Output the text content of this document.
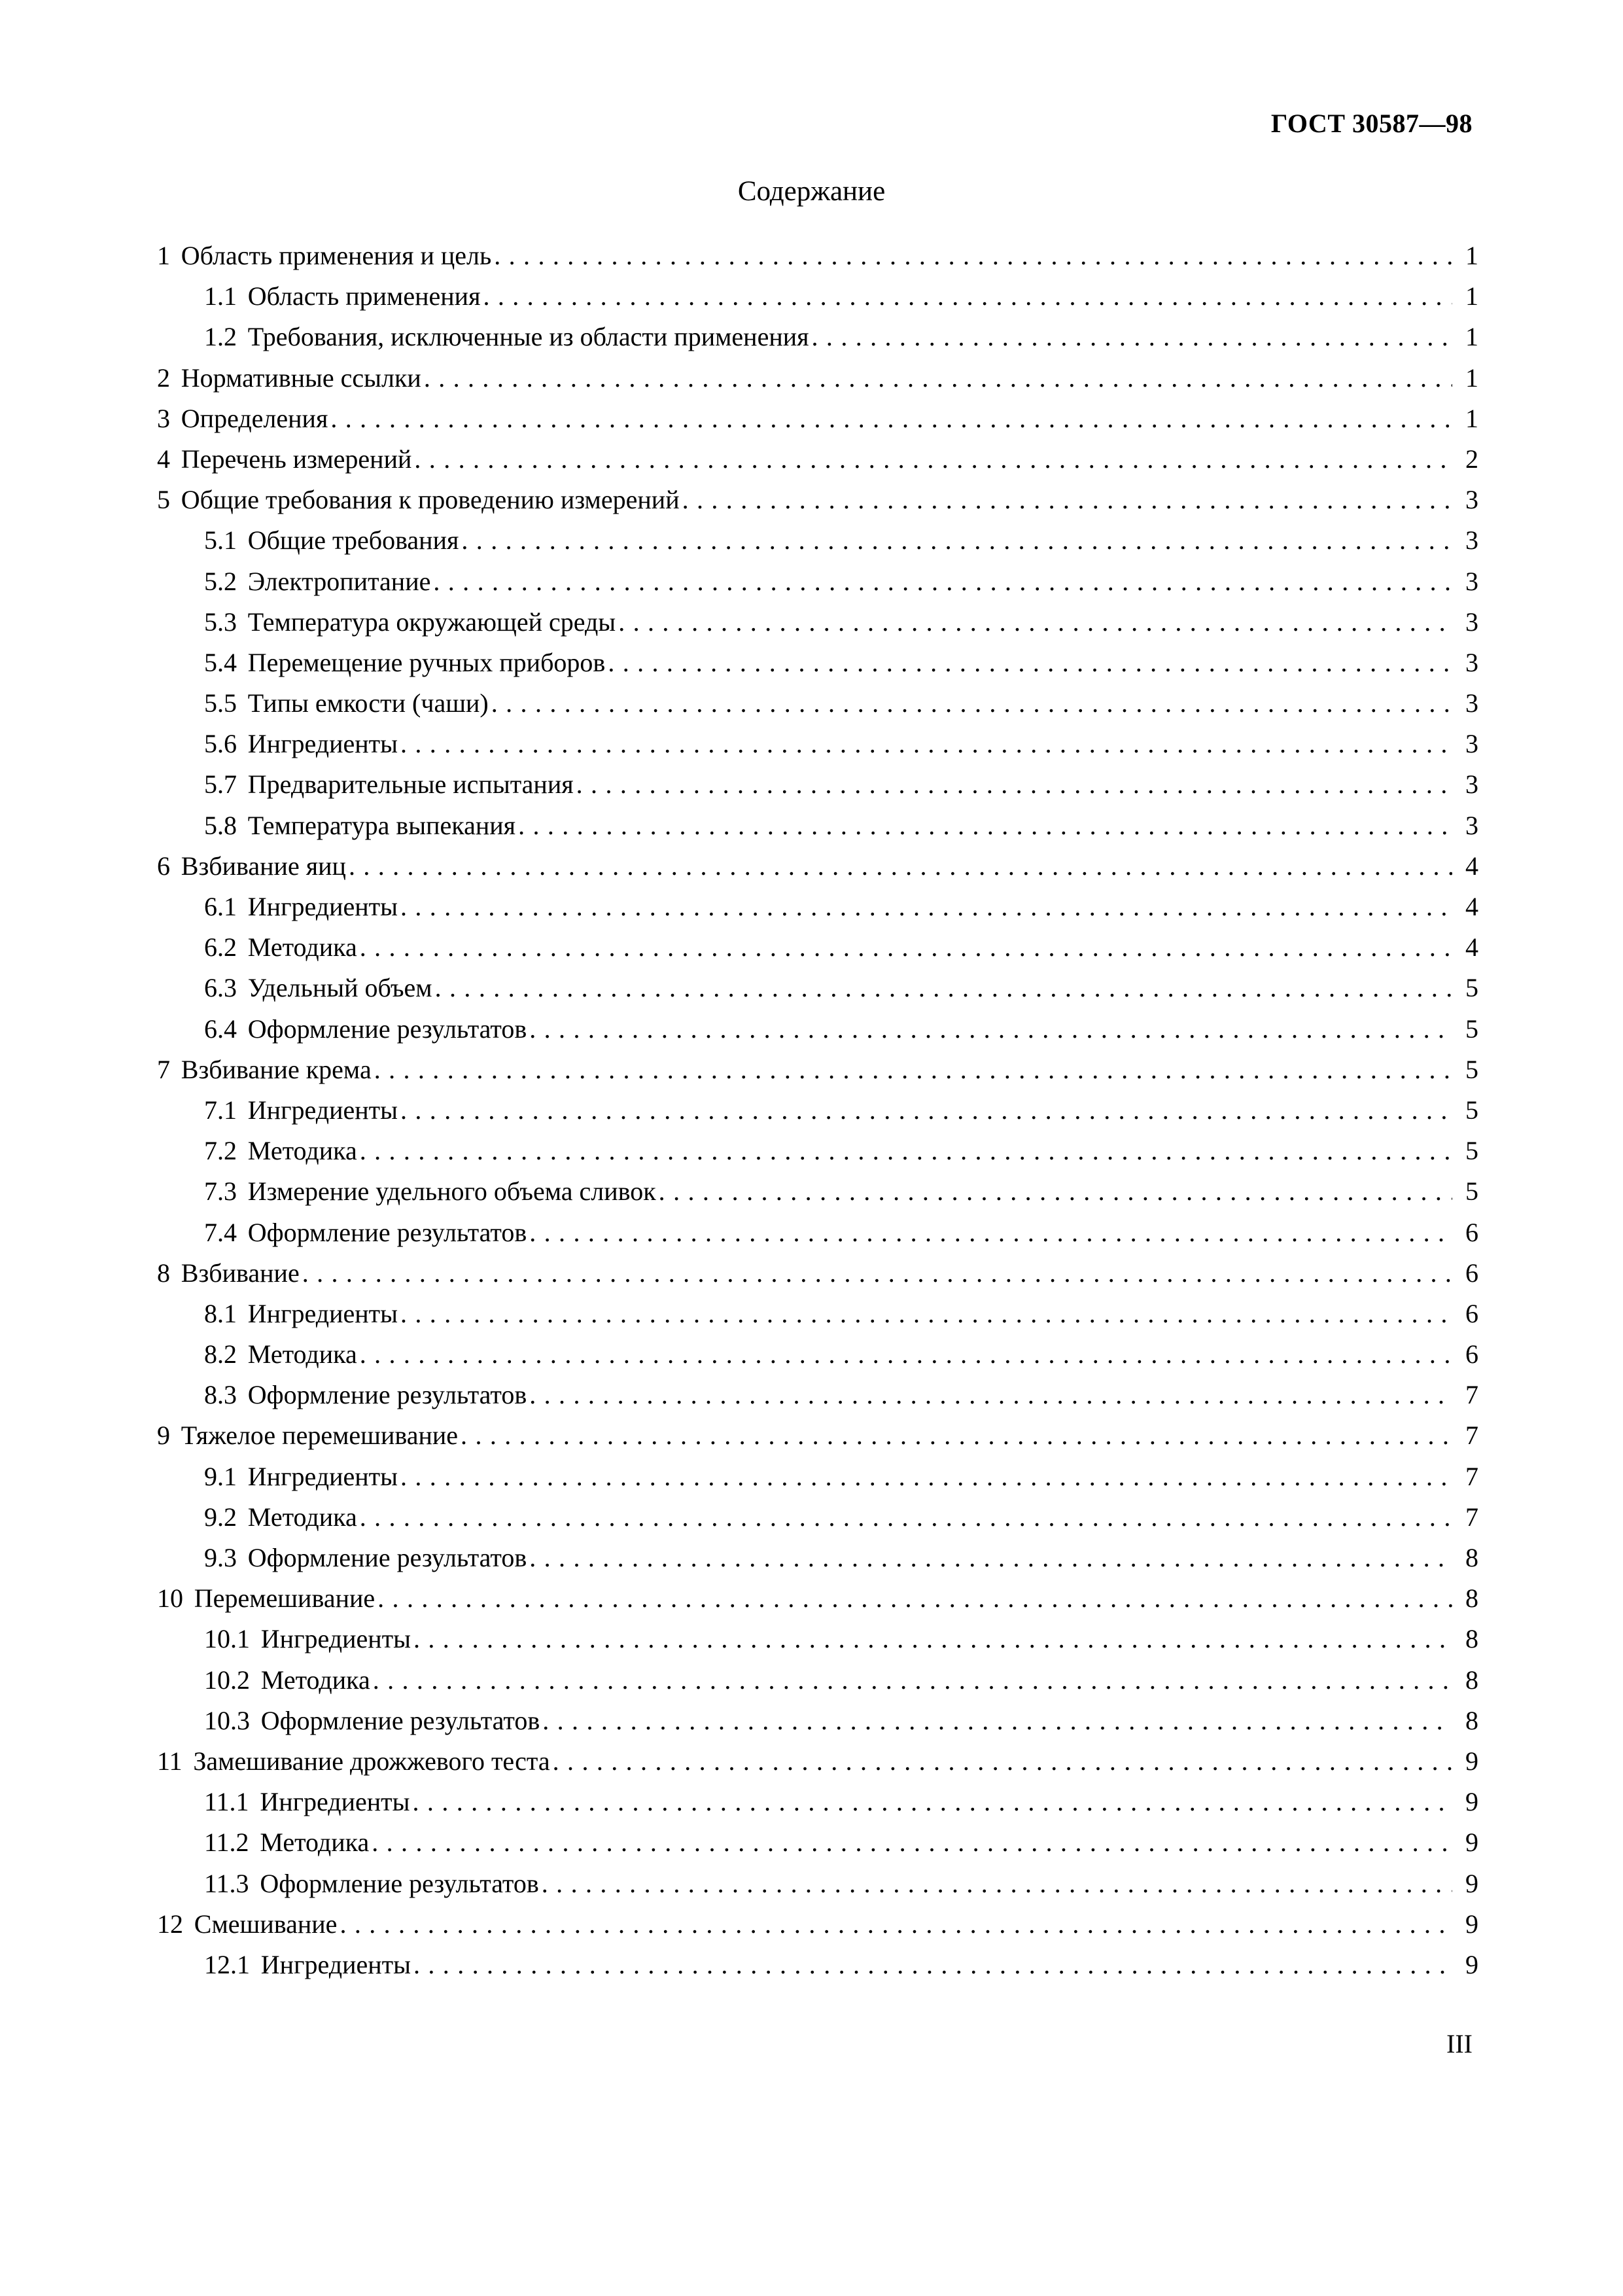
ГОСТ 30587—98
Содержание
1 Область применения и цель . . .	1
1.1 Область применения . . .	1
1.2 Требования, исключенные из области применения . . .	1
2 Нормативные ссылки . . .	1
3 Определения . . .	1
4 Перечень измерений . . .	2
5 Общие требования к проведению измерений . . .	3
5.1 Общие требования . . .	3
5.2 Электропитание . . .	3
5.3 Температура окружающей среды . . .	3
5.4 Перемещение ручных приборов . . .	3
5.5 Типы емкости (чаши) . . .	3
5.6 Ингредиенты . . .	3
5.7 Предварительные испытания . . .	3
5.8 Температура выпекания . . .	3
6 Взбивание яиц . . .	4
6.1 Ингредиенты . . .	4
6.2 Методика . . .	4
6.3 Удельный объем . . .	5
6.4 Оформление результатов . . .	5
7 Взбивание крема . . .	5
7.1 Ингредиенты . . .	5
7.2 Методика . . .	5
7.3 Измерение удельного объема сливок . . .	5
7.4 Оформление результатов . . .	6
8 Взбивание . . .	6
8.1 Ингредиенты . . .	6
8.2 Методика . . .	6
8.3 Оформление результатов . . .	7
9 Тяжелое перемешивание . . .	7
9.1 Ингредиенты . . .	7
9.2 Методика . . .	7
9.3 Оформление результатов . . .	8
10 Перемешивание . . .	8
10.1 Ингредиенты . . .	8
10.2 Методика . . .	8
10.3 Оформление результатов . . .	8
11 Замешивание дрожжевого теста . . .	9
11.1 Ингредиенты . . .	9
11.2 Методика . . .	9
11.3 Оформление результатов . . .	9
12 Смешивание . . .	9
12.1 Ингредиенты . . .	9
III
